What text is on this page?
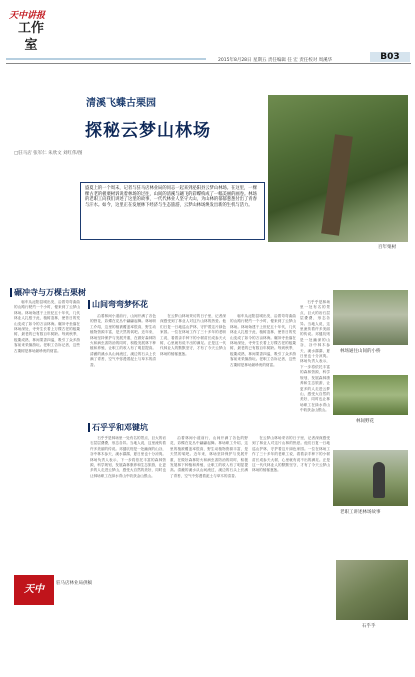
天中讲报
工作室
2015年8月28日 星期五 责任编辑 任 宏 责任校对 周溪华	B03
清溪飞蝶古栗园
探秘云梦山林场
□驻马店 张军仁 朱欣文 刘红伟/图
盛夏上的一个周末，记者与驻马店林业局的同志一起来到泌阳县云梦山林场。在这里，一棵棵古老的板栗树诉说着林场的过往，山间的清溪与翩飞的彩蝶构成了一幅美丽的画卷。林场的老职工向我们讲述了这里的故事，一代代林业人坚守大山，为山林的郁郁葱葱付出了青春与汗水。如今，这里正在发展林下经济与生态旅游，云梦山林场焕发出新的生机与活力。
百年栗树
碾冲寺与万棵古栗树

驱车从泌阳县城出发，沿着弯弯曲曲的山路行驶约一个小时，便来到了云梦山林场。林场始建于上世纪五十年代，几代林业人扎根于此，植树造林，使昔日的荒山变成了如今的万亩林海。碾冲寺坐落在林场深处，寺旁生长着上万棵古老的板栗树，最老的已有数百年树龄。每到秋季，板栗成熟，林间果香四溢，吸引了众多游客前来采摘游玩。老职工告诉记者，这些古栗树是林场最珍贵的财富。

山间弯弯梦怀花

沿着林间小道前行，山间开满了各色的野花，彩蝶在花丛中翩翩起舞。林场职工介绍，这里的植被覆盖率很高，野生动植物资源丰富，是天然的氧吧。近年来，林场坚持保护与发展并重，在做好森林防火和病虫害防治的同时，积极发展林下种植和养殖，让职工的收入有了明显提高。清澈的溪水从山间流过，溪边的石头上长满了青苔，空气中弥漫着泥土与草木的清香。

在云梦山林场采访的日子里，记者深深感受到了林业人对这片山林的热爱。他们日复一日地巡山护林，守护着这片绿色家园。一位在林场工作了三十多年的老职工说，看着亲手种下的小树苗长成参天大树，心里就有说不出的满足。正是这一代代林业人的默默坚守，才有了今天云梦山林场的郁郁葱葱。

驱车从泌阳县城出发，沿着弯弯曲曲的山路行驶约一个小时，便来到了云梦山林场。林场始建于上世纪五十年代，几代林业人扎根于此，植树造林，使昔日的荒山变成了如今的万亩林海。碾冲寺坐落在林场深处，寺旁生长着上万棵古老的板栗树，最老的已有数百年树龄。每到秋季，板栗成熟，林间果香四溢，吸引了众多游客前来采摘游玩。老职工告诉记者，这些古栗树是林场最珍贵的财富。

石乎乎和邓键坑

石乎乎是林场里一处有名的景点，巨大的岩石层层叠叠，形态各异。当地人说，这里流传着许多美丽的传说。邓键坑则是一处幽深的山谷，谷中林木参天，溪水潺潺，夏日里也十分凉爽。林场负责人表示，下一步将依托丰富的森林资源，科学规划，发展森林康养和生态旅游，让更多的人走进云梦山，感受大自然的美好，同时也让林场职工在绿水青山中收获金山银山。

沿着林间小道前行，山间开满了各色的野花，彩蝶在花丛中翩翩起舞。林场职工介绍，这里的植被覆盖率很高，野生动植物资源丰富，是天然的氧吧。近年来，林场坚持保护与发展并重，在做好森林防火和病虫害防治的同时，积极发展林下种植和养殖，让职工的收入有了明显提高。清澈的溪水从山间流过，溪边的石头上长满了青苔，空气中弥漫着泥土与草木的清香。

在云梦山林场采访的日子里，记者深深感受到了林业人对这片山林的热爱。他们日复一日地巡山护林，守护着这片绿色家园。一位在林场工作了三十多年的老职工说，看着亲手种下的小树苗长成参天大树，心里就有说不出的满足。正是这一代代林业人的默默坚守，才有了今天云梦山林场的郁郁葱葱。

石乎乎是林场里一处有名的景点，巨大的岩石层层叠叠，形态各异。当地人说，这里流传着许多美丽的传说。邓键坑则是一处幽深的山谷，谷中林木参天，溪水潺潺，夏日里也十分凉爽。林场负责人表示，下一步将依托丰富的森林资源，科学规划，发展森林康养和生态旅游，让更多的人走进云梦山，感受大自然的美好，同时也让林场职工在绿水青山中收获金山银山。

林场通往山间的小桥
林间野花
老职工讲述林场故事
石乎乎
天中
驻马店林业局供稿
